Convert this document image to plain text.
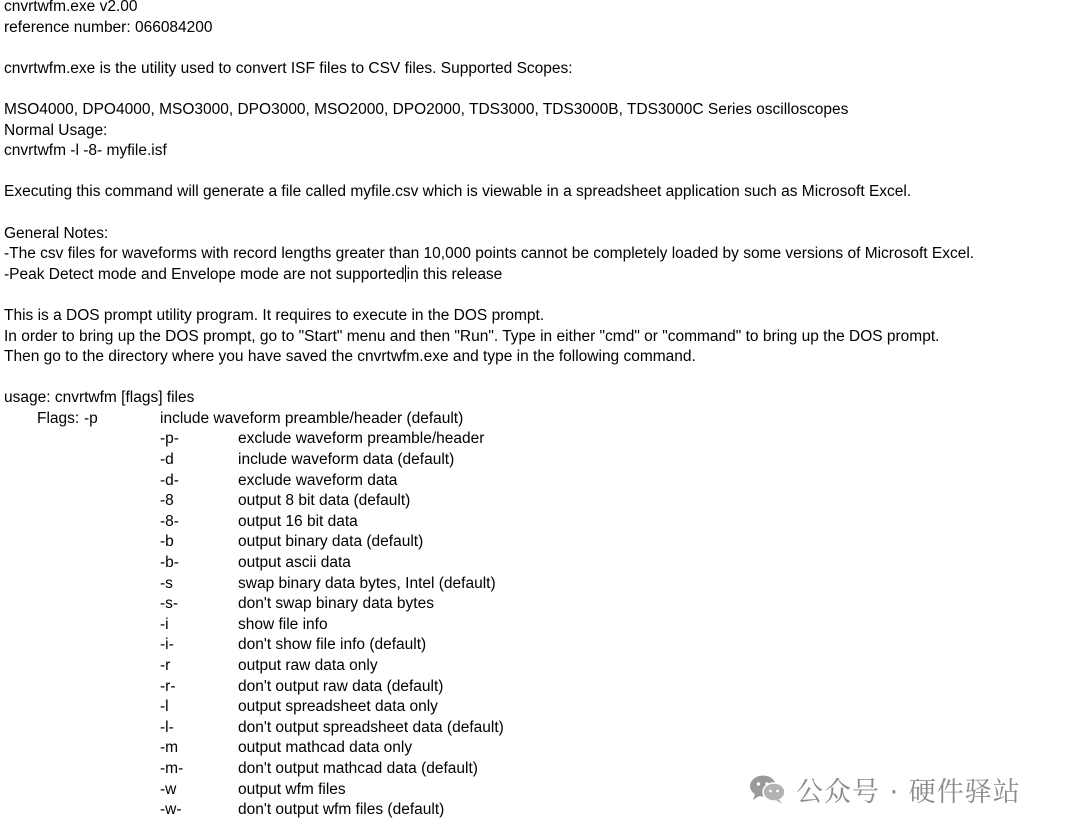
cnvrtwfm.exe v2.00
reference number: 066084200
cnvrtwfm.exe is the utility used to convert ISF files to CSV files. Supported Scopes:
MSO4000, DPO4000, MSO3000, DPO3000, MSO2000, DPO2000, TDS3000, TDS3000B, TDS3000C Series oscilloscopes
Normal Usage:
cnvrtwfm -l -8- myfile.isf
Executing this command will generate a file called myfile.csv which is viewable in a spreadsheet application such as Microsoft Excel.
General Notes:
-The csv files for waveforms with record lengths greater than 10,000 points cannot be completely loaded by some versions of Microsoft Excel.
-Peak Detect mode and Envelope mode are not supported in this release
This is a DOS prompt utility program. It requires to execute in the DOS prompt.
In order to bring up the DOS prompt, go to "Start" menu and then "Run". Type in either "cmd" or "command" to bring up the DOS prompt.
Then go to the directory where you have saved the cnvrtwfm.exe and type in the following command.
usage: cnvrtwfm [flags] files
Flags: -p	include waveform preamble/header (default)
-p-	exclude waveform preamble/header
-d	include waveform data (default)
-d-	exclude waveform data
-8	output 8 bit data (default)
-8-	output 16 bit data
-b	output binary data (default)
-b-	output ascii data
-s	swap binary data bytes, Intel (default)
-s-	don't swap binary data bytes
-i	show file info
-i-	don't show file info (default)
-r	output raw data only
-r-	don't output raw data (default)
-l	output spreadsheet data only
-l-	don't output spreadsheet data (default)
-m	output mathcad data only
-m-	don't output mathcad data (default)
-w	output wfm files
-w-	don't output wfm files (default)
公众号 · 硬件驿站
